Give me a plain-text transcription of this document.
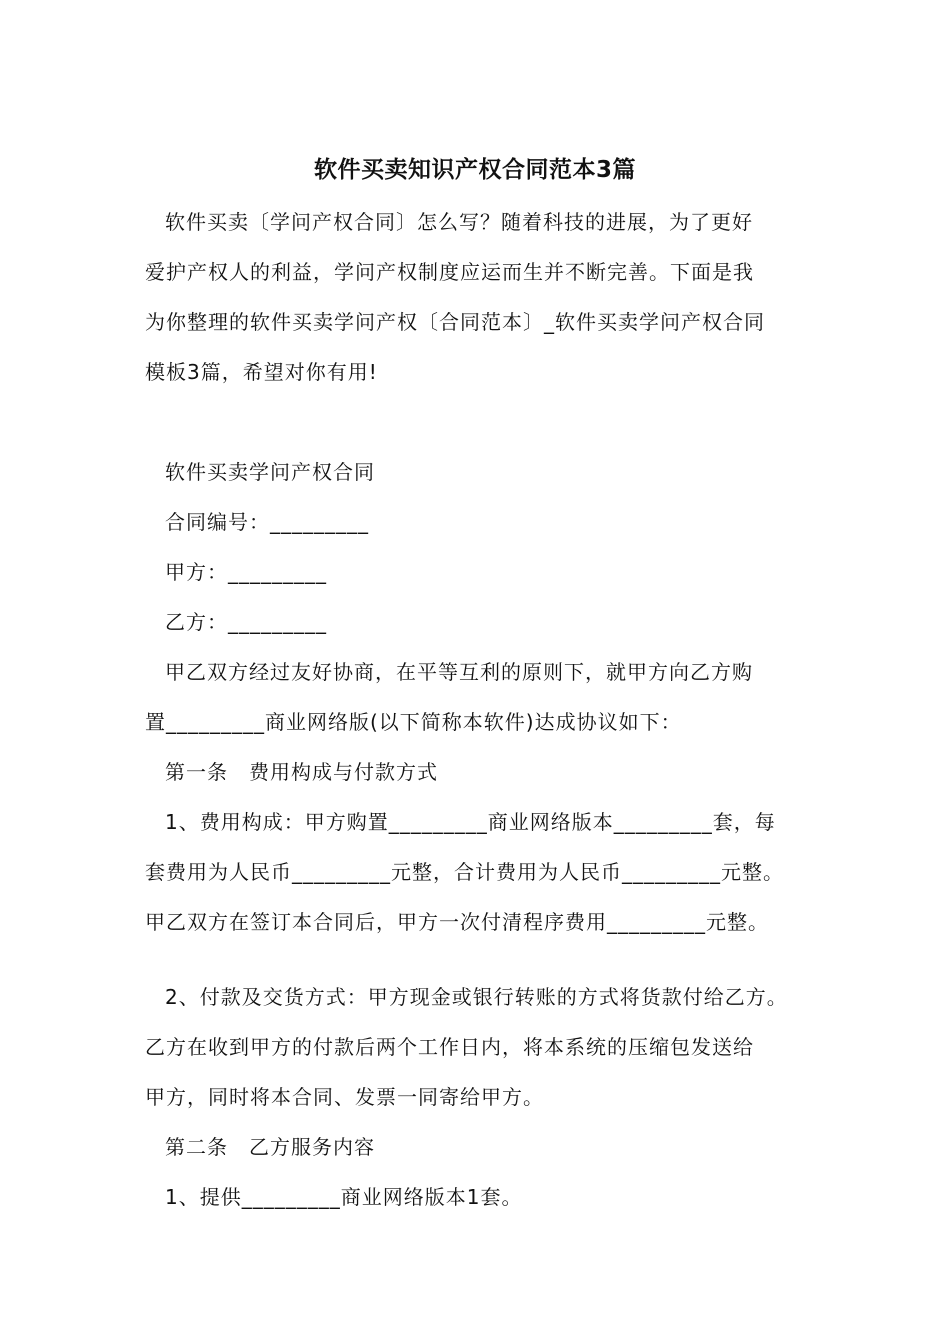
软件买卖知识产权合同范本3篇
软件买卖〔学问产权合同〕怎么写？随着科技的进展，为了更好
爱护产权人的利益，学问产权制度应运而生并不断完善。下面是我
为你整理的软件买卖学问产权〔合同范本〕_软件买卖学问产权合同
模板3篇，希望对你有用!
软件买卖学问产权合同
合同编号：_________
甲方：_________
乙方：_________
甲乙双方经过友好协商，在平等互利的原则下，就甲方向乙方购
置_________商业网络版(以下简称本软件)达成协议如下：
第一条　费用构成与付款方式
1、费用构成：甲方购置_________商业网络版本_________套，每
套费用为人民币_________元整，合计费用为人民币_________元整。
甲乙双方在签订本合同后，甲方一次付清程序费用_________元整。
2、付款及交货方式：甲方现金或银行转账的方式将货款付给乙方。
乙方在收到甲方的付款后两个工作日内，将本系统的压缩包发送给
甲方，同时将本合同、发票一同寄给甲方。
第二条　乙方服务内容
1、提供_________商业网络版本1套。
